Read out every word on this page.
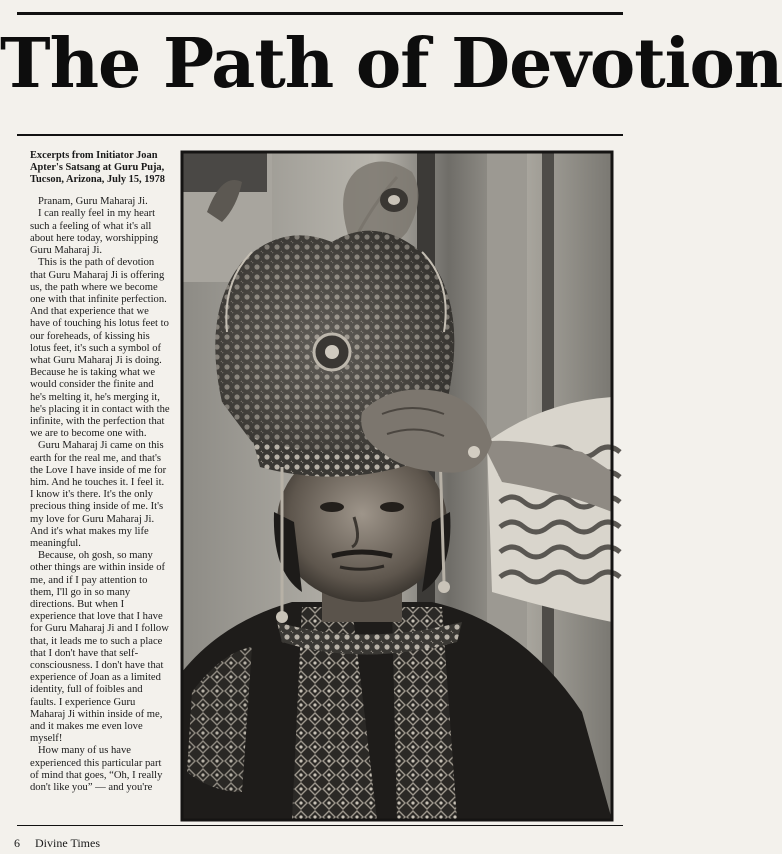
The Path of Devotion
Excerpts from Initiator Joan Apter's Satsang at Guru Puja, Tucson, Arizona, July 15, 1978

Pranam, Guru Maharaj Ji.

I can really feel in my heart such a feeling of what it's all about here today, worshipping Guru Maharaj Ji.

This is the path of devotion that Guru Maharaj Ji is offering us, the path where we become one with that infinite perfection. And that experience that we have of touching his lotus feet to our foreheads, of kissing his lotus feet, it's such a symbol of what Guru Maharaj Ji is doing. Because he is taking what we would consider the finite and he's melting it, he's merging it, he's placing it in contact with the infinite, with the perfection that we are to become one with.

Guru Maharaj Ji came on this earth for the real me, and that's the Love I have inside of me for him. And he touches it. I feel it. I know it's there. It's the only precious thing inside of me. It's my love for Guru Maharaj Ji. And it's what makes my life meaningful.

Because, oh gosh, so many other things are within inside of me, and if I pay attention to them, I'll go in so many directions. But when I experience that love that I have for Guru Maharaj Ji and I follow that, it leads me to such a place that I don't have that self-consciousness. I don't have that experience of Joan as a limited identity, full of foibles and faults. I experience Guru Maharaj Ji within inside of me, and it makes me even love myself!

How many of us have experienced this particular part of mind that goes, “Oh, I really don't like you” — and you're

6 Divine Times
